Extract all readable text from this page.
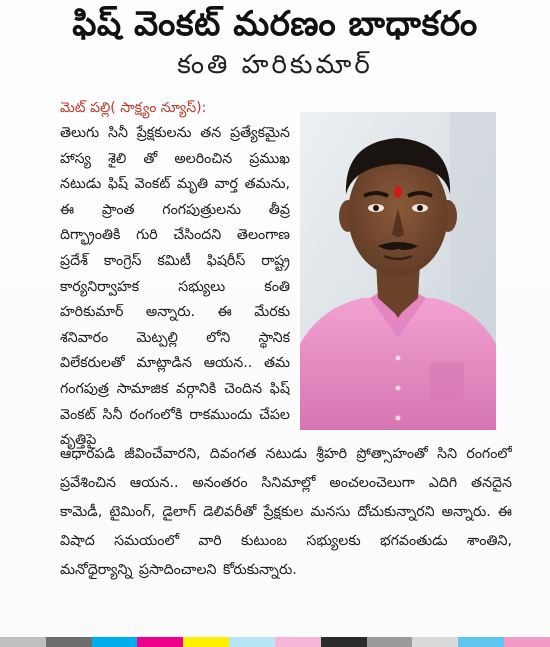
ఫిష్ వెంకట్ మరణం బాధాకరం
కంతి హరికుమార్
మెట్ పల్లి( సాక్ష్యం న్యూస్):
తెలుగు సినీ ప్రేక్షకులను తన ప్రత్యేకమైన హాస్య శైలి తో అలరించిన ప్రముఖ నటుడు ఫిష్ వెంకట్ మృతి వార్త తమను, ఈ ప్రాంత గంగపుత్రులను తీవ్ర దిగ్భ్రాంతికి గురి చేసిందని తెలంగాణ ప్రదేశ్ కాంగ్రెస్ కమిటీ ఫిషరీస్ రాష్ట్ర కార్యనిర్వాహక సభ్యులు కంతి హరికుమార్ అన్నారు. ఈ మేరకు శనివారం మెట్పల్లి లోని స్థానిక విలేకరులతో మాట్లాడిన ఆయన.. తమ గంగపుత్ర సామాజిక వర్గానికి చెందిన ఫిష్ వెంకట్ సినీ రంగంలోకి రాకముందు చేపల వృత్తిపై
ఆధారపడి జీవించేవారని, దివంగత నటుడు శ్రీహరి ప్రోత్సాహంతో సిని రంగంలో ప్రవేశించిన ఆయన.. అనంతరం సినిమాల్లో అంచలంచెలుగా ఎదిగి తనదైన కామెడీ, టైమింగ్, డైలాగ్ డెలివరీతో ప్రేక్షకుల మనసు దోచుకున్నారని అన్నారు. ఈ విషాద సమయంలో వారి కుటుంబ సభ్యులకు భగవంతుడు శాంతిని, మనోధైర్యాన్ని ప్రసాదించాలని కోరుకున్నారు.
